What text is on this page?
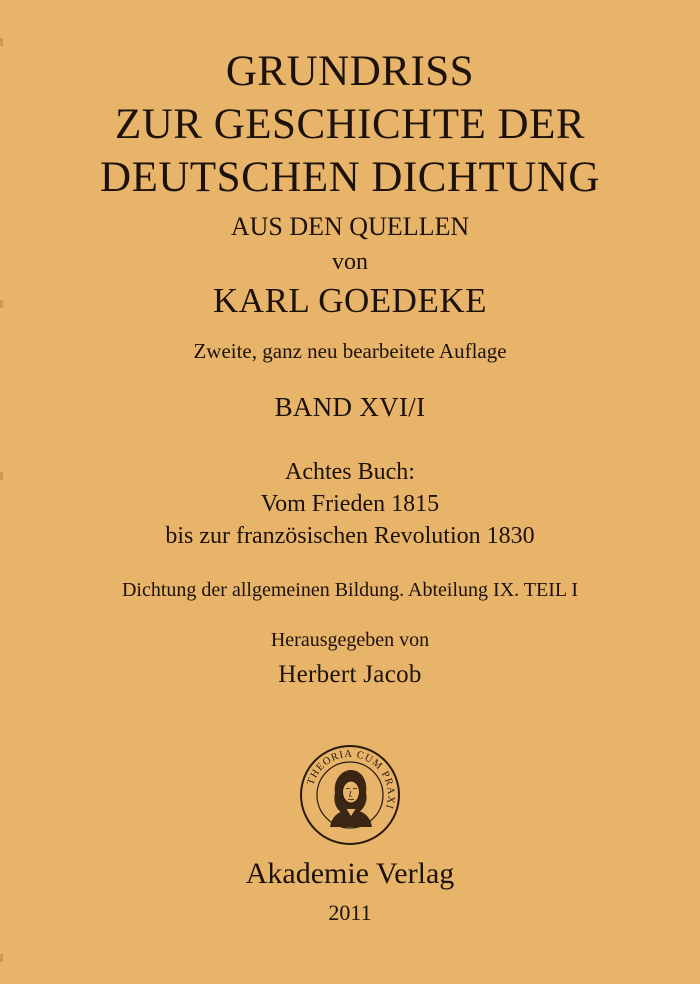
GRUNDRISS
ZUR GESCHICHTE DER
DEUTSCHEN DICHTUNG
AUS DEN QUELLEN
von
KARL GOEDEKE
Zweite, ganz neu bearbeitete Auflage
BAND XVI/I
Achtes Buch:
Vom Frieden 1815
bis zur französischen Revolution 1830
Dichtung der allgemeinen Bildung. Abteilung IX. TEIL I
Herausgegeben von
Herbert Jacob
THEORIA CUM PRAXI
Akademie Verlag
2011
